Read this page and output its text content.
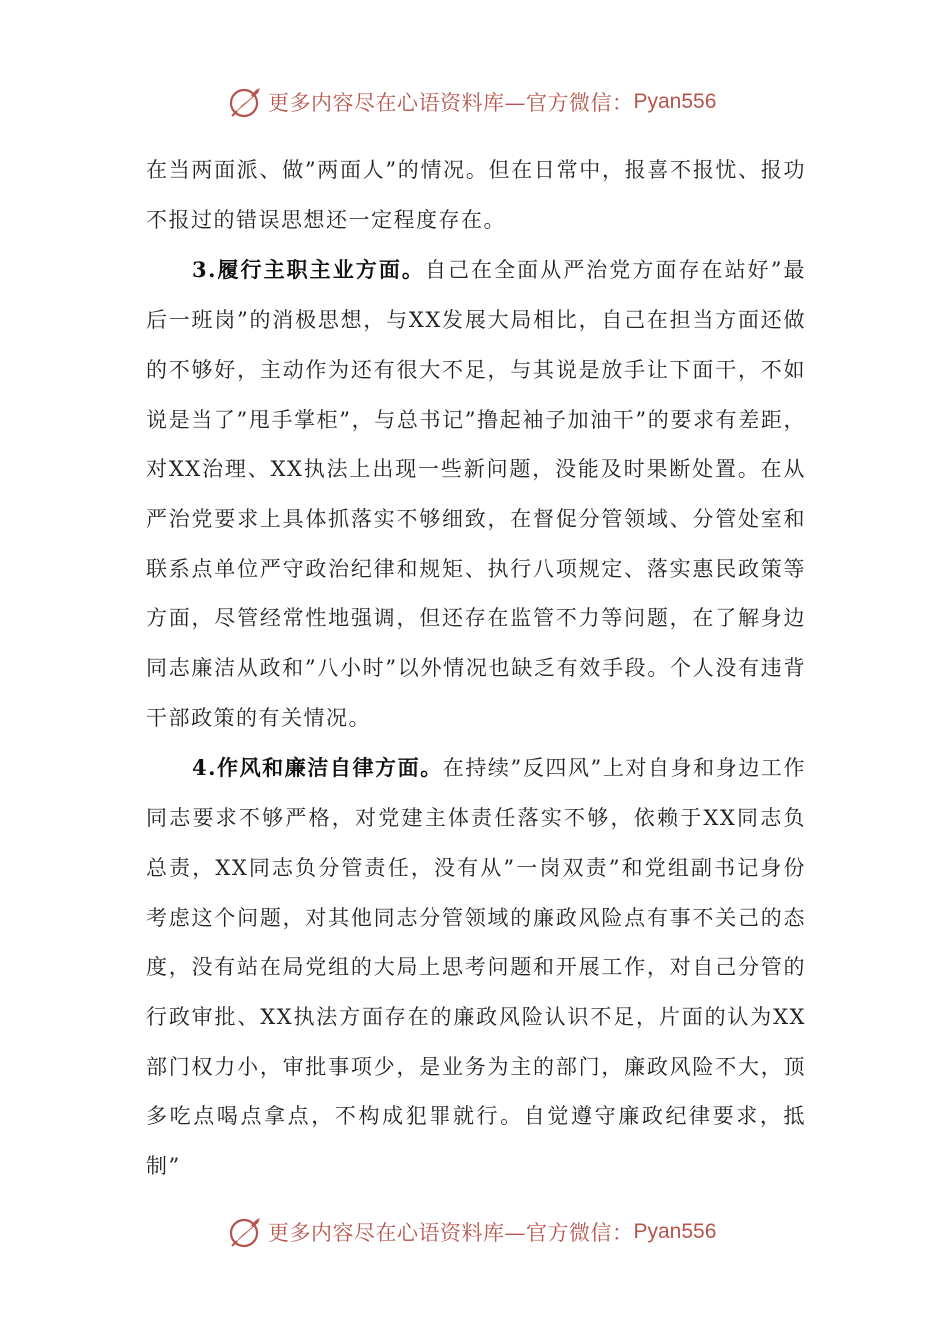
更多内容尽在心语资料库—官方微信： Pyan556

在当两面派、做”两面人”的情况。但在日常中，报喜不报忧、报功不报过的错误思想还一定程度存在。

3.履行主职主业方面。自己在全面从严治党方面存在站好”最后一班岗”的消极思想，与XX发展大局相比，自己在担当方面还做的不够好，主动作为还有很大不足，与其说是放手让下面干，不如说是当了”甩手掌柜”，与总书记”撸起袖子加油干”的要求有差距，对XX治理、XX执法上出现一些新问题，没能及时果断处置。在从严治党要求上具体抓落实不够细致，在督促分管领域、分管处室和联系点单位严守政治纪律和规矩、执行八项规定、落实惠民政策等方面，尽管经常性地强调，但还存在监管不力等问题，在了解身边同志廉洁从政和”八小时”以外情况也缺乏有效手段。个人没有违背干部政策的有关情况。

4.作风和廉洁自律方面。在持续”反四风”上对自身和身边工作同志要求不够严格，对党建主体责任落实不够，依赖于XX同志负总责，XX同志负分管责任，没有从”一岗双责”和党组副书记身份考虑这个问题，对其他同志分管领域的廉政风险点有事不关己的态度，没有站在局党组的大局上思考问题和开展工作，对自己分管的行政审批、XX执法方面存在的廉政风险认识不足，片面的认为XX部门权力小，审批事项少，是业务为主的部门，廉政风险不大，顶多吃点喝点拿点，不构成犯罪就行。自觉遵守廉政纪律要求，抵制”

更多内容尽在心语资料库—官方微信： Pyan556
